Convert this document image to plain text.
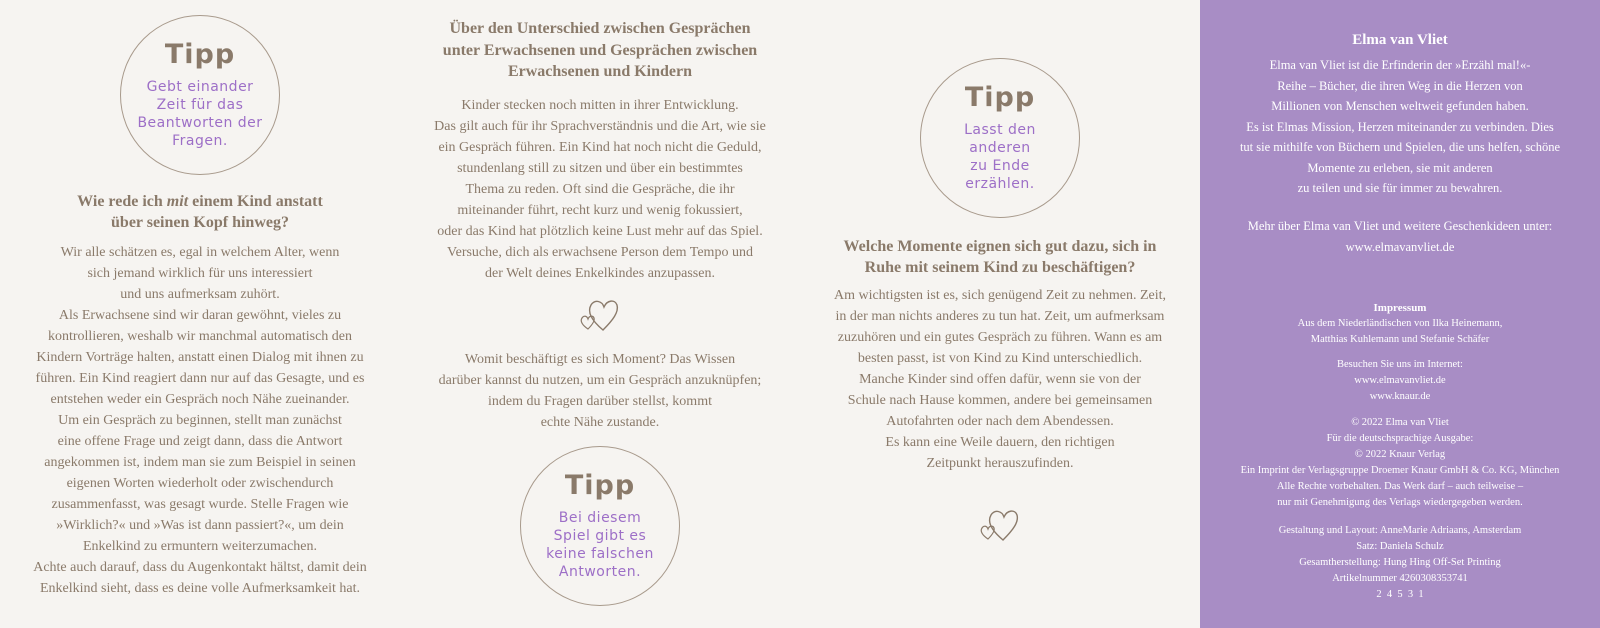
Tipp
Gebt einander
Zeit für das
Beantworten der
Fragen.
Wie rede ich mit einem Kind anstatt
über seinen Kopf hinweg?

Wir alle schätzen es, egal in welchem Alter, wenn
sich jemand wirklich für uns interessiert
und uns aufmerksam zuhört.
Als Erwachsene sind wir daran gewöhnt, vieles zu
kontrollieren, weshalb wir manchmal automatisch den
Kindern Vorträge halten, anstatt einen Dialog mit ihnen zu
führen. Ein Kind reagiert dann nur auf das Gesagte, und es
entstehen weder ein Gespräch noch Nähe zueinander.
Um ein Gespräch zu beginnen, stellt man zunächst
eine offene Frage und zeigt dann, dass die Antwort
angekommen ist, indem man sie zum Beispiel in seinen
eigenen Worten wiederholt oder zwischendurch
zusammenfasst, was gesagt wurde. Stelle Fragen wie
»Wirklich?« und »Was ist dann passiert?«, um dein
Enkelkind zu ermuntern weiterzumachen.
Achte auch darauf, dass du Augenkontakt hältst, damit dein
Enkelkind sieht, dass es deine volle Aufmerksamkeit hat.

Über den Unterschied zwischen Gesprächen
unter Erwachsenen und Gesprächen zwischen
Erwachsenen und Kindern

Kinder stecken noch mitten in ihrer Entwicklung.
Das gilt auch für ihr Sprachverständnis und die Art, wie sie
ein Gespräch führen. Ein Kind hat noch nicht die Geduld,
stundenlang still zu sitzen und über ein bestimmtes
Thema zu reden. Oft sind die Gespräche, die ihr
miteinander führt, recht kurz und wenig fokussiert,
oder das Kind hat plötzlich keine Lust mehr auf das Spiel.
Versuche, dich als erwachsene Person dem Tempo und
der Welt deines Enkelkindes anzupassen.

Womit beschäftigt es sich Moment? Das Wissen
darüber kannst du nutzen, um ein Gespräch anzuknüpfen;
indem du Fragen darüber stellst, kommt
echte Nähe zustande.

Tipp
Bei diesem
Spiel gibt es
keine falschen
Antworten.
Tipp
Lasst den
anderen
zu Ende
erzählen.
Welche Momente eignen sich gut dazu, sich in
Ruhe mit seinem Kind zu beschäftigen?

Am wichtigsten ist es, sich genügend Zeit zu nehmen. Zeit,
in der man nichts anderes zu tun hat. Zeit, um aufmerksam
zuzuhören und ein gutes Gespräch zu führen. Wann es am
besten passt, ist von Kind zu Kind unterschiedlich.
Manche Kinder sind offen dafür, wenn sie von der
Schule nach Hause kommen, andere bei gemeinsamen
Autofahrten oder nach dem Abendessen.
Es kann eine Weile dauern, den richtigen
Zeitpunkt herauszufinden.

Elma van Vliet

Elma van Vliet ist die Erfinderin der »Erzähl mal!«-
Reihe – Bücher, die ihren Weg in die Herzen von
Millionen von Menschen weltweit gefunden haben.
Es ist Elmas Mission, Herzen miteinander zu verbinden. Dies
tut sie mithilfe von Büchern und Spielen, die uns helfen, schöne
Momente zu erleben, sie mit anderen
zu teilen und sie für immer zu bewahren.

Mehr über Elma van Vliet und weitere Geschenkideen unter:
www.elmavanvliet.de

Impressum

Aus dem Niederländischen von Ilka Heinemann,
Matthias Kuhlemann und Stefanie Schäfer

Besuchen Sie uns im Internet:
www.elmavanvliet.de
www.knaur.de

© 2022 Elma van Vliet
Für die deutschsprachige Ausgabe:
© 2022 Knaur Verlag
Ein Imprint der Verlagsgruppe Droemer Knaur GmbH & Co. KG, München
Alle Rechte vorbehalten. Das Werk darf – auch teilweise –
nur mit Genehmigung des Verlags wiedergegeben werden.

Gestaltung und Layout: AnneMarie Adriaans, Amsterdam
Satz: Daniela Schulz
Gesamtherstellung: Hung Hing Off-Set Printing
Artikelnummer 4260308353741

2  4  5  3  1
